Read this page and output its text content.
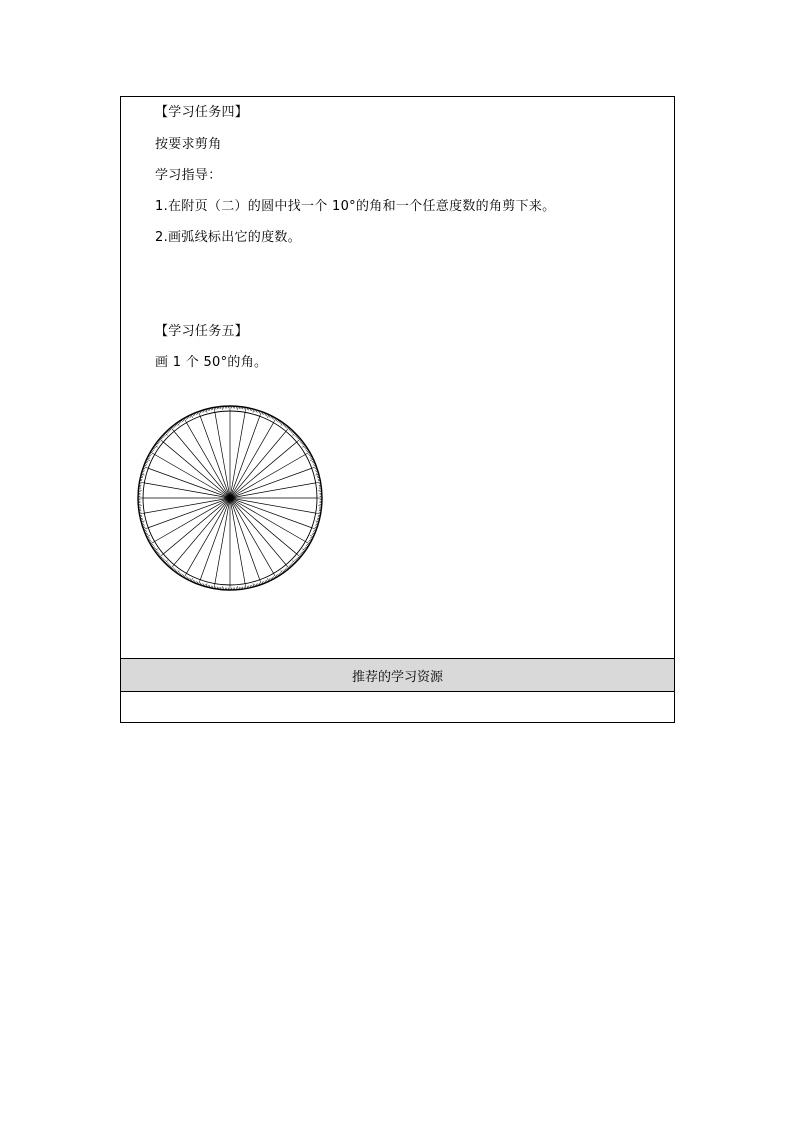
【学习任务四】
按要求剪角
学习指导：
1.在附页（二）的圆中找一个 10°的角和一个任意度数的角剪下来。
2.画弧线标出它的度数。
【学习任务五】
画 1 个 50°的角。
推荐的学习资源
